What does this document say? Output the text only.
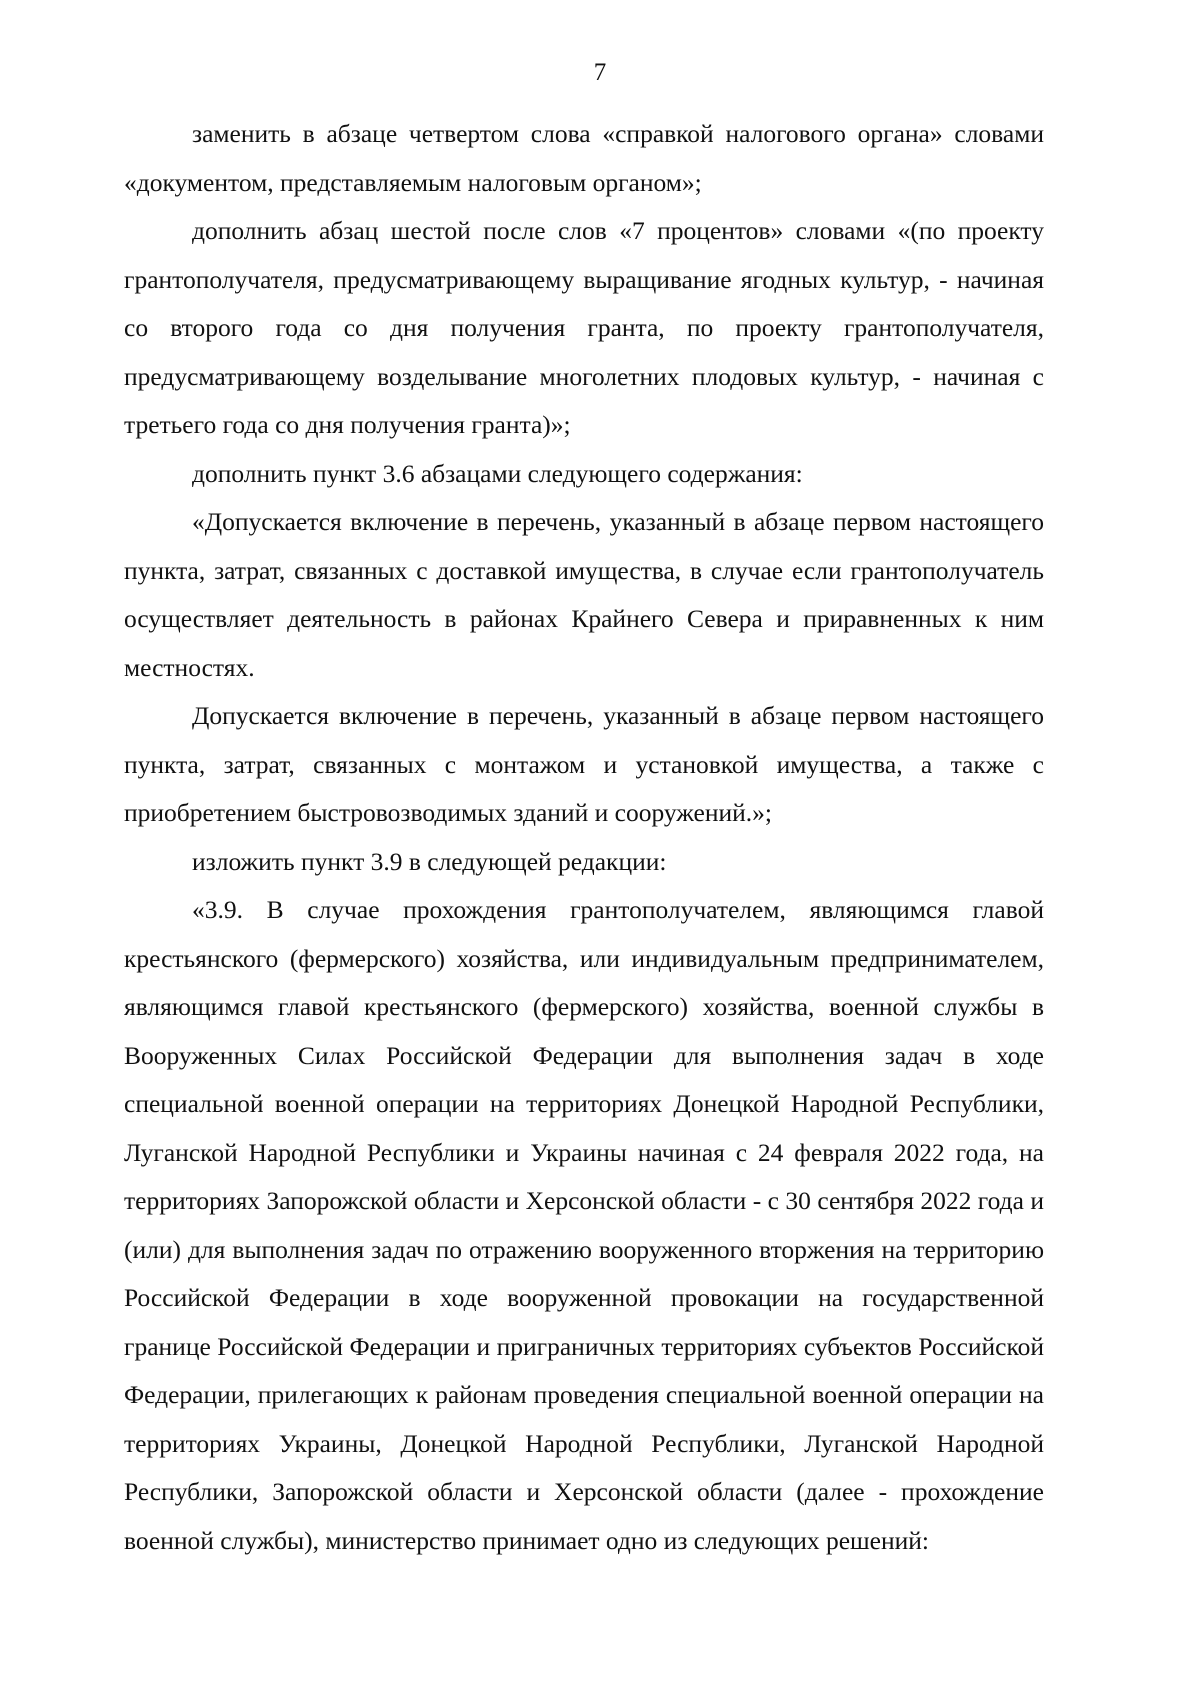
7

заменить в абзаце четвертом слова «справкой налогового органа» словами «документом, представляемым налоговым органом»;

дополнить абзац шестой после слов «7 процентов» словами «(по проекту грантополучателя, предусматривающему выращивание ягодных культур, - начиная со второго года со дня получения гранта, по проекту грантополучателя, предусматривающему возделывание многолетних плодовых культур, - начиная с третьего года со дня получения гранта)»;

дополнить пункт 3.6 абзацами следующего содержания:

«Допускается включение в перечень, указанный в абзаце первом настоящего пункта, затрат, связанных с доставкой имущества, в случае если грантополучатель осуществляет деятельность в районах Крайнего Севера и приравненных к ним местностях.

Допускается включение в перечень, указанный в абзаце первом настоящего пункта, затрат, связанных с монтажом и установкой имущества, а также с приобретением быстровозводимых зданий и сооружений.»;

изложить пункт 3.9 в следующей редакции:

«3.9. В случае прохождения грантополучателем, являющимся главой крестьянского (фермерского) хозяйства, или индивидуальным предпринимателем, являющимся главой крестьянского (фермерского) хозяйства, военной службы в Вооруженных Силах Российской Федерации для выполнения задач в ходе специальной военной операции на территориях Донецкой Народной Республики, Луганской Народной Республики и Украины начиная с 24 февраля 2022 года, на территориях Запорожской области и Херсонской области - с 30 сентября 2022 года и (или) для выполнения задач по отражению вооруженного вторжения на территорию Российской Федерации в ходе вооруженной провокации на государственной границе Российской Федерации и приграничных территориях субъектов Российской Федерации, прилегающих к районам проведения специальной военной операции на территориях Украины, Донецкой Народной Республики, Луганской Народной Республики, Запорожской области и Херсонской области (далее - прохождение военной службы), министерство принимает одно из следующих решений:
